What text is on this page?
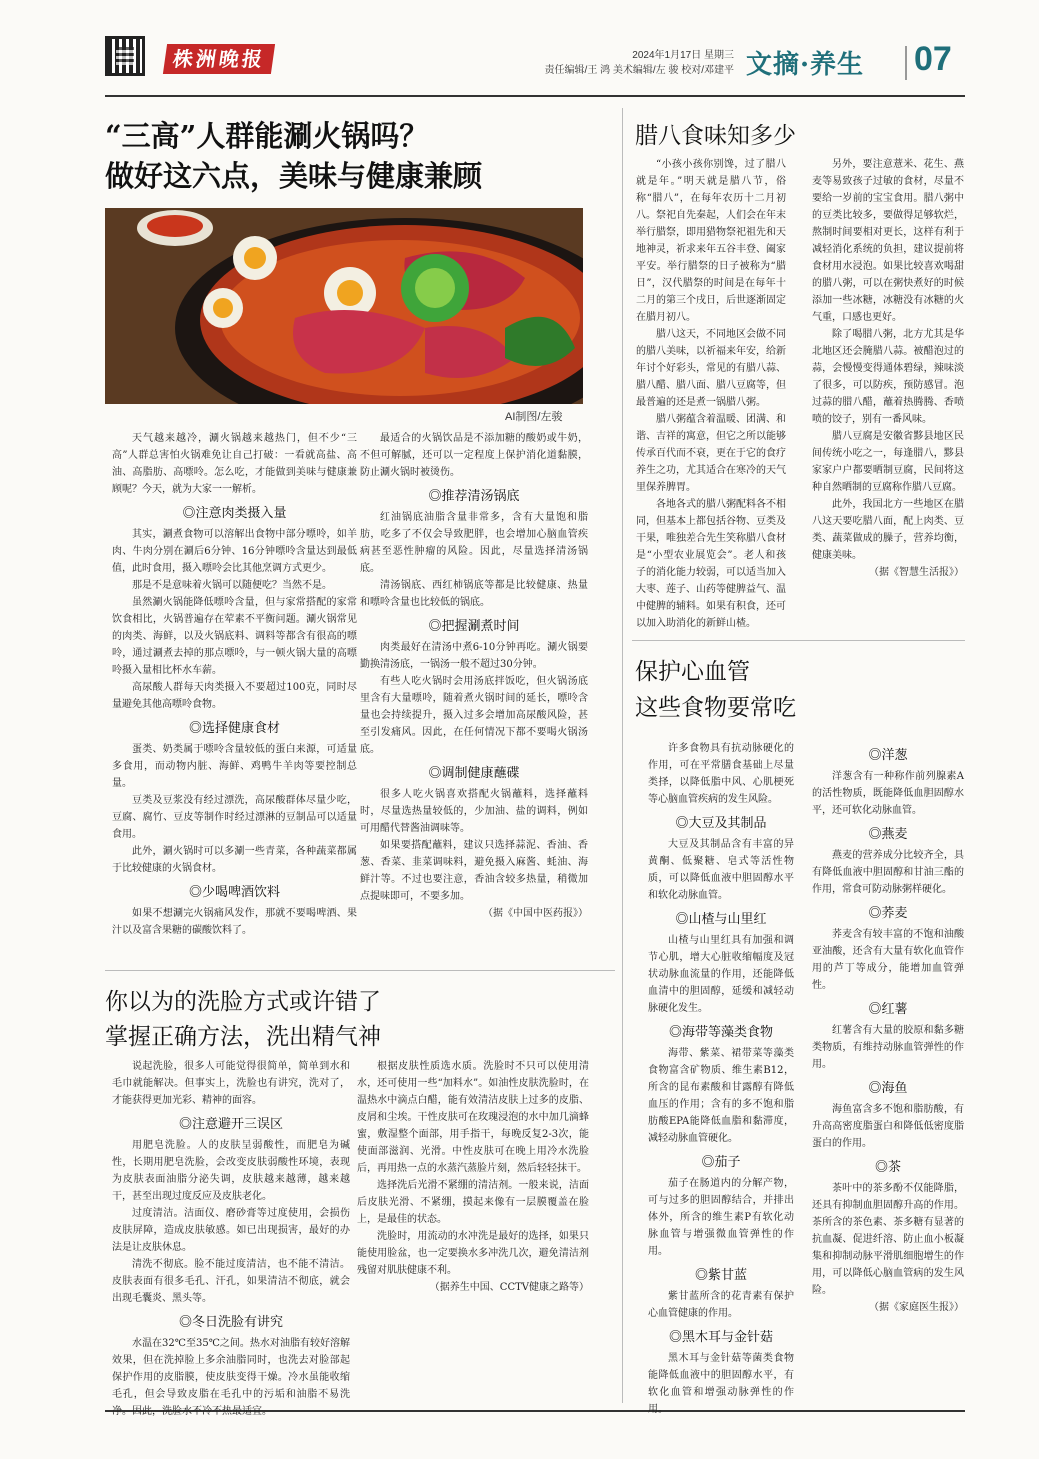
株洲晚报	2024年1月17日 星期三
责任编辑/王 鸿 美术编辑/左 骏 校对/邓建平 文摘·养生 07
“三高”人群能涮火锅吗？
做好这六点，美味与健康兼顾
AI制图/左骏

天气越来越冷，涮火锅越来越热门，但不少“三高”人群总害怕火锅难免让自己打破：一看就高盐、高油、高脂肪、高嘌呤。怎么吃，才能做到美味与健康兼顾呢？今天，就为大家一一解析。

◎注意肉类摄入量

其实，涮煮食物可以溶解出食物中部分嘌呤，如羊肉、牛肉分别在涮后6分钟、16分钟嘌呤含量达到最低值，此时食用，摄入嘌呤会比其他烹调方式更少。

那是不是意味着火锅可以随便吃？当然不是。

虽然涮火锅能降低嘌呤含量，但与家常搭配的家常饮食相比，火锅普遍存在荤素不平衡问题。涮火锅常见的肉类、海鲜，以及火锅底料、调料等都含有很高的嘌呤，通过涮煮去掉的那点嘌呤，与一顿火锅大量的高嘌呤摄入量相比杯水车薪。

高尿酸人群每天肉类摄入不要超过100克，同时尽量避免其他高嘌呤食物。

◎选择健康食材

蛋类、奶类属于嘌呤含量较低的蛋白来源，可适量多食用，而动物内脏、海鲜、鸡鸭牛羊肉等要控制总量。

豆类及豆浆没有经过漂洗，高尿酸群体尽量少吃，豆腐、腐竹、豆皮等制作时经过漂淋的豆制品可以适量食用。

此外，涮火锅时可以多涮一些青菜，各种蔬菜都属于比较健康的火锅食材。

◎少喝啤酒饮料

如果不想涮完火锅痛风发作，那就不要喝啤酒、果汁以及富含果糖的碳酸饮料了。

最适合的火锅饮品是不添加糖的酸奶或牛奶，不但可解腻，还可以一定程度上保护消化道黏膜，防止涮火锅时被烫伤。

◎推荐清汤锅底

红油锅底油脂含量非常多，含有大量饱和脂肪，吃多了不仅会导致肥胖，也会增加心脑血管疾病甚至恶性肿瘤的风险。因此，尽量选择清汤锅底。

清汤锅底、西红柿锅底等都是比较健康、热量和嘌呤含量也比较低的锅底。

◎把握涮煮时间

肉类最好在清汤中煮6-10分钟再吃。涮火锅要勤换清汤底，一锅汤一般不超过30分钟。

有些人吃火锅时会用汤底拌饭吃，但火锅汤底里含有大量嘌呤，随着煮火锅时间的延长，嘌呤含量也会持续提升，摄入过多会增加高尿酸风险，甚至引发痛风。因此，在任何情况下都不要喝火锅汤底。

◎调制健康蘸碟

很多人吃火锅喜欢搭配火锅蘸料，选择蘸料时，尽量选热量较低的，少加油、盐的调料，例如可用醋代替酱油调味等。

如果要搭配蘸料，建议只选择蒜泥、香油、香葱、香菜、韭菜调味料，避免摄入麻酱、蚝油、海鲜汁等。不过也要注意，香油含较多热量，稍微加点提味即可，不要多加。

（据《中国中医药报》）
你以为的洗脸方式或许错了
掌握正确方法，洗出精气神

说起洗脸，很多人可能觉得很简单，简单到水和毛巾就能解决。但事实上，洗脸也有讲究，洗对了，才能获得更加光彩、精神的面容。

◎注意避开三误区

用肥皂洗脸。人的皮肤呈弱酸性，而肥皂为碱性，长期用肥皂洗脸，会改变皮肤弱酸性环境，表现为皮肤表面油脂分泌失调，皮肤越来越薄，越来越干，甚至出现过度反应及皮肤老化。

过度清洁。洁面仪、磨砂膏等过度使用，会损伤皮肤屏障，造成皮肤敏感。如已出现损害，最好的办法是让皮肤休息。

清洗不彻底。脸不能过度清洁，也不能不清洁。皮肤表面有很多毛孔、汗孔，如果清洁不彻底，就会出现毛囊炎、黑头等。

◎冬日洗脸有讲究

水温在32℃至35℃之间。热水对油脂有较好溶解效果，但在洗掉脸上多余油脂同时，也洗去对脸部起保护作用的皮脂膜，使皮肤变得干燥。冷水虽能收缩毛孔，但会导致皮脂在毛孔中的污垢和油脂不易洗净。因此，洗脸水不冷不热最适宜。

根据皮肤性质选水质。洗脸时不只可以使用清水，还可使用一些“加料水”。如油性皮肤洗脸时，在温热水中滴点白醋，能有效清洁皮肤上过多的皮脂、皮屑和尘埃。干性皮肤可在玫瑰浸泡的水中加几滴蜂蜜，敷湿整个面部，用手指干，每晚反复2-3次，能使面部滋润、光滑。中性皮肤可在晚上用冷水洗脸后，再用热一点的水蒸汽蒸脸片刻，然后轻轻抹干。

选择洗后光滑不紧绷的清洁剂。一般来说，洁面后皮肤光滑、不紧绷，摸起来像有一层膜覆盖在脸上，是最佳的状态。

洗脸时，用流动的水冲洗是最好的选择，如果只能使用脸盆，也一定要换水多冲洗几次，避免清洁剂残留对肌肤健康不利。

（据养生中国、CCTV健康之路等）
腊八食味知多少

“小孩小孩你别馋，过了腊八就是年。”明天就是腊八节，俗称“腊八”，在每年农历十二月初八。祭祀自先秦起，人们会在年末举行腊祭，即用猎物祭祀祖先和天地神灵，祈求来年五谷丰登、阖家平安。举行腊祭的日子被称为“腊日”，汉代腊祭的时间是在每年十二月的第三个戌日，后世逐渐固定在腊月初八。

腊八这天，不同地区会做不同的腊八美味，以祈福来年安，给新年讨个好彩头，常见的有腊八蒜、腊八醋、腊八面、腊八豆腐等，但最普遍的还是煮一锅腊八粥。

腊八粥蕴含着温暖、团满、和谐、吉祥的寓意，但它之所以能够传承百代而不衰，更在于它的食疗养生之功，尤其适合在寒冷的天气里保养脾胃。

各地各式的腊八粥配料各不相同，但基本上都包括谷物、豆类及干果，唯独差合先生笑称腊八食材是“小型农业展览会”。老人和孩子的消化能力较弱，可以适当加入大枣、莲子、山药等健脾益气、温中健脾的辅料。如果有积食，还可以加入助消化的新鲜山楂。

另外，要注意薏米、花生、燕麦等易致孩子过敏的食材，尽量不要给一岁前的宝宝食用。腊八粥中的豆类比较多，要做得足够软烂，熬制时间要相对更长，这样有利于减轻消化系统的负担，建议提前将食材用水浸泡。如果比较喜欢喝甜的腊八粥，可以在粥快煮好的时候添加一些冰糖，冰糖没有冰糖的火气重，口感也更好。

除了喝腊八粥，北方尤其是华北地区还会腌腊八蒜。被醋泡过的蒜，会慢慢变得通体碧绿，辣味淡了很多，可以防疾，预防感冒。泡过蒜的腊八醋，蘸着热腾腾、香喷喷的饺子，别有一番风味。

腊八豆腐是安徽省黟县地区民间传统小吃之一，每逢腊八，黟县家家户户都要晒制豆腐，民间将这种自然晒制的豆腐称作腊八豆腐。

此外，我国北方一些地区在腊八这天要吃腊八面，配上肉类、豆类、蔬菜做成的臊子，营养均衡，健康美味。

（据《智慧生活报》）
保护心血管
这些食物要常吃

许多食物具有抗动脉硬化的作用，可在平常膳食基础上尽量类择，以降低脂中风、心肌梗死等心脑血管疾病的发生风险。

◎大豆及其制品

大豆及其制品含有丰富的异黄酮、低聚糖、皂式等活性物质，可以降低血液中胆固醇水平和软化动脉血管。

◎山楂与山里红

山楂与山里红具有加强和调节心肌，增大心脏收缩幅度及冠状动脉血流量的作用，还能降低血清中的胆固醇，延缓和减轻动脉硬化发生。

◎海带等藻类食物

海带、紫菜、裙带菜等藻类食物富含矿物质、维生素B12，所含的昆布素酸和甘露醇有降低血压的作用；含有的多不饱和脂肪酸EPA能降低血脂和黏滞度，减轻动脉血管硬化。

◎茄子

茄子在肠道内的分解产物，可与过多的胆固醇结合，并排出体外，所含的维生素P有软化动脉血管与增强微血管弹性的作用。

◎紫甘蓝

紫甘蓝所含的花青素有保护心血管健康的作用。

◎黑木耳与金针菇

黑木耳与金针菇等菌类食物能降低血液中的胆固醇水平，有软化血管和增强动脉弹性的作用。

◎洋葱

洋葱含有一种称作前列腺素A的活性物质，既能降低血胆固醇水平，还可软化动脉血管。

◎燕麦

燕麦的营养成分比较齐全，具有降低血液中胆固醇和甘油三酯的作用，常食可防动脉粥样硬化。

◎荞麦

荞麦含有较丰富的不饱和油酸亚油酸，还含有大量有软化血管作用的芦丁等成分，能增加血管弹性。

◎红薯

红薯含有大量的胶原和黏多糖类物质，有维持动脉血管弹性的作用。

◎海鱼

海鱼富含多不饱和脂肪酸，有升高高密度脂蛋白和降低低密度脂蛋白的作用。

◎茶

茶叶中的茶多酚不仅能降脂，还具有抑制血胆固醇升高的作用。茶所含的茶色素、茶多糖有显著的抗血凝、促进纤溶、防止血小板凝集和抑制动脉平滑肌细胞增生的作用，可以降低心脑血管病的发生风险。

（据《家庭医生报》）
